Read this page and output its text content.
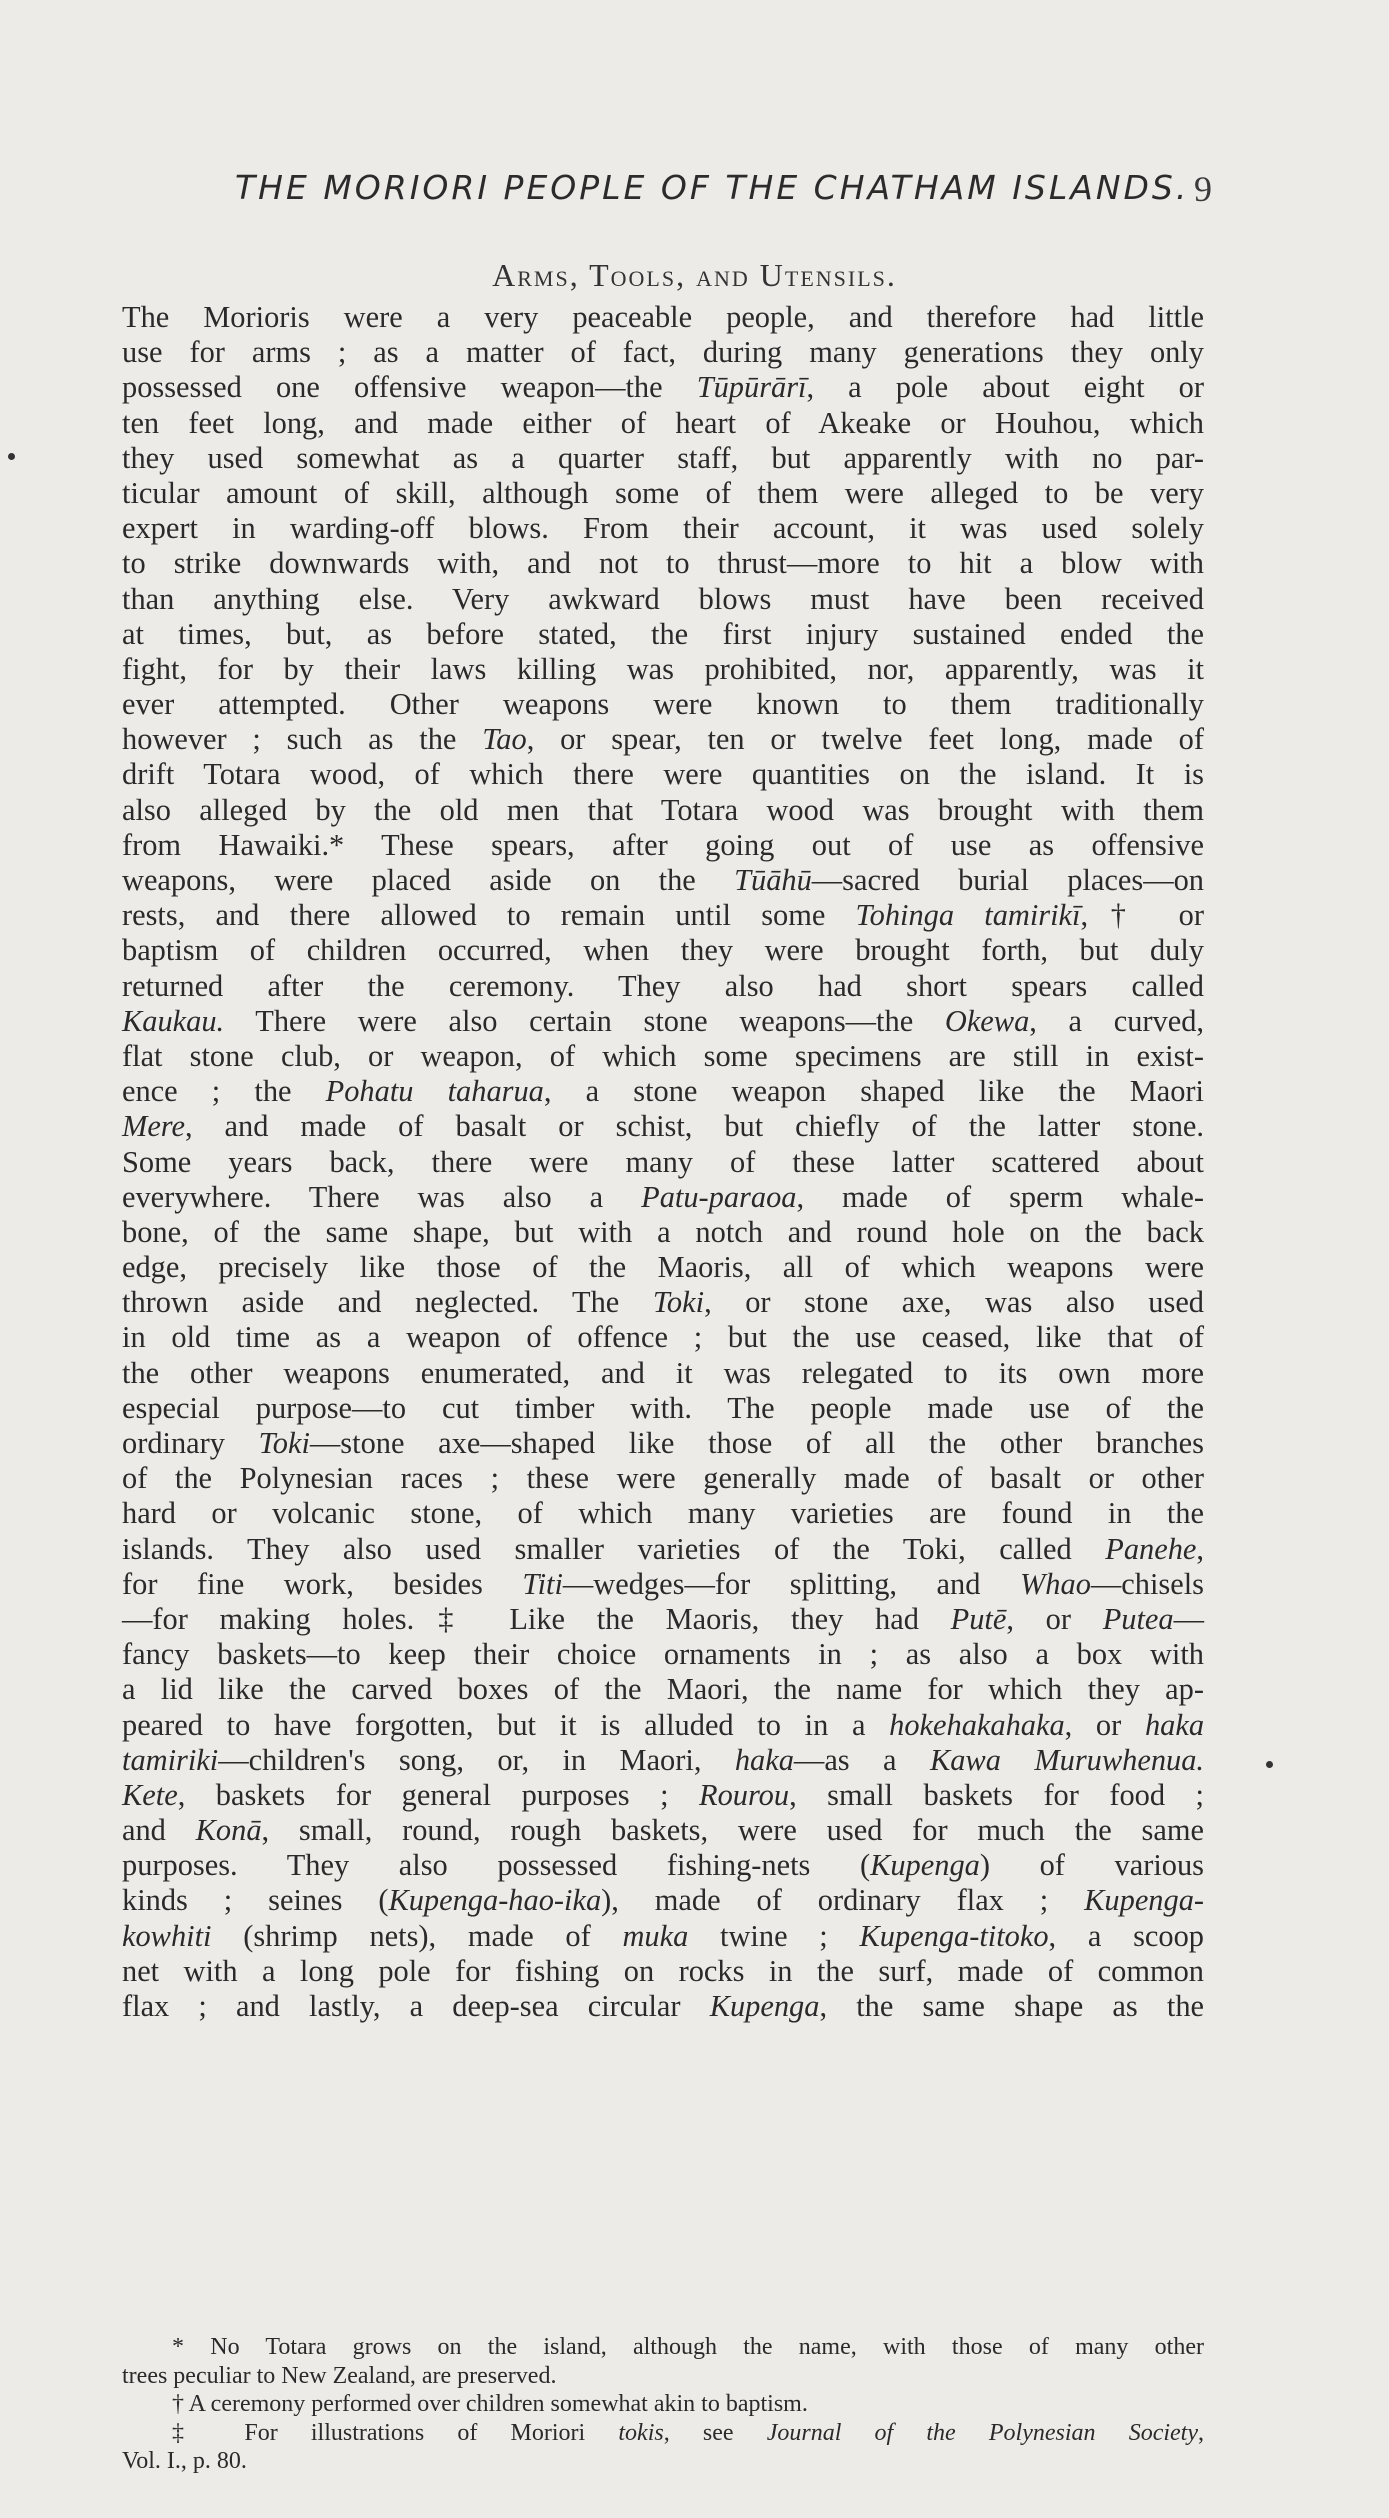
THE MORIORI PEOPLE OF THE CHATHAM ISLANDS. 9
Arms, Tools, and Utensils.
The Morioris were a very peaceable people, and therefore had little
use for arms ; as a matter of fact, during many generations they only
possessed one offensive weapon—the Tūpūrārī, a pole about eight or
ten feet long, and made either of heart of Akeake or Houhou, which
they used somewhat as a quarter staff, but apparently with no par-
ticular amount of skill, although some of them were alleged to be very
expert in warding-off blows. From their account, it was used solely
to strike downwards with, and not to thrust—more to hit a blow with
than anything else. Very awkward blows must have been received
at times, but, as before stated, the first injury sustained ended the
fight, for by their laws killing was prohibited, nor, apparently, was it
ever attempted. Other weapons were known to them traditionally
however ; such as the Tao, or spear, ten or twelve feet long, made of
drift Totara wood, of which there were quantities on the island. It is
also alleged by the old men that Totara wood was brought with them
from Hawaiki.* These spears, after going out of use as offensive
weapons, were placed aside on the Tūāhū—sacred burial places—on
rests, and there allowed to remain until some Tohinga tamirikī,† or
baptism of children occurred, when they were brought forth, but duly
returned after the ceremony. They also had short spears called
Kaukau. There were also certain stone weapons—the Okewa, a curved,
flat stone club, or weapon, of which some specimens are still in exist-
ence ; the Pohatu taharua, a stone weapon shaped like the Maori
Mere, and made of basalt or schist, but chiefly of the latter stone.
Some years back, there were many of these latter scattered about
everywhere. There was also a Patu-paraoa, made of sperm whale-
bone, of the same shape, but with a notch and round hole on the back
edge, precisely like those of the Maoris, all of which weapons were
thrown aside and neglected. The Toki, or stone axe, was also used
in old time as a weapon of offence ; but the use ceased, like that of
the other weapons enumerated, and it was relegated to its own more
especial purpose—to cut timber with. The people made use of the
ordinary Toki—stone axe—shaped like those of all the other branches
of the Polynesian races ; these were generally made of basalt or other
hard or volcanic stone, of which many varieties are found in the
islands. They also used smaller varieties of the Toki, called Panehe,
for fine work, besides Titi—wedges—for splitting, and Whao—chisels
—for making holes.‡ Like the Maoris, they had Putē, or Putea—
fancy baskets—to keep their choice ornaments in ; as also a box with
a lid like the carved boxes of the Maori, the name for which they ap-
peared to have forgotten, but it is alluded to in a hokehakahaka, or haka
tamiriki—children's song, or, in Maori, haka—as a Kawa Muruwhenua.
Kete, baskets for general purposes ; Rourou, small baskets for food ;
and Konā, small, round, rough baskets, were used for much the same
purposes. They also possessed fishing-nets (Kupenga) of various
kinds ; seines (Kupenga-hao-ika), made of ordinary flax ; Kupenga-
kowhiti (shrimp nets), made of muka twine ; Kupenga-titoko, a scoop
net with a long pole for fishing on rocks in the surf, made of common
flax ; and lastly, a deep-sea circular Kupenga, the same shape as the
* No Totara grows on the island, although the name, with those of many other
trees peculiar to New Zealand, are preserved.
† A ceremony performed over children somewhat akin to baptism.
‡ For illustrations of Moriori tokis, see Journal of the Polynesian Society,
Vol. I., p. 80.
